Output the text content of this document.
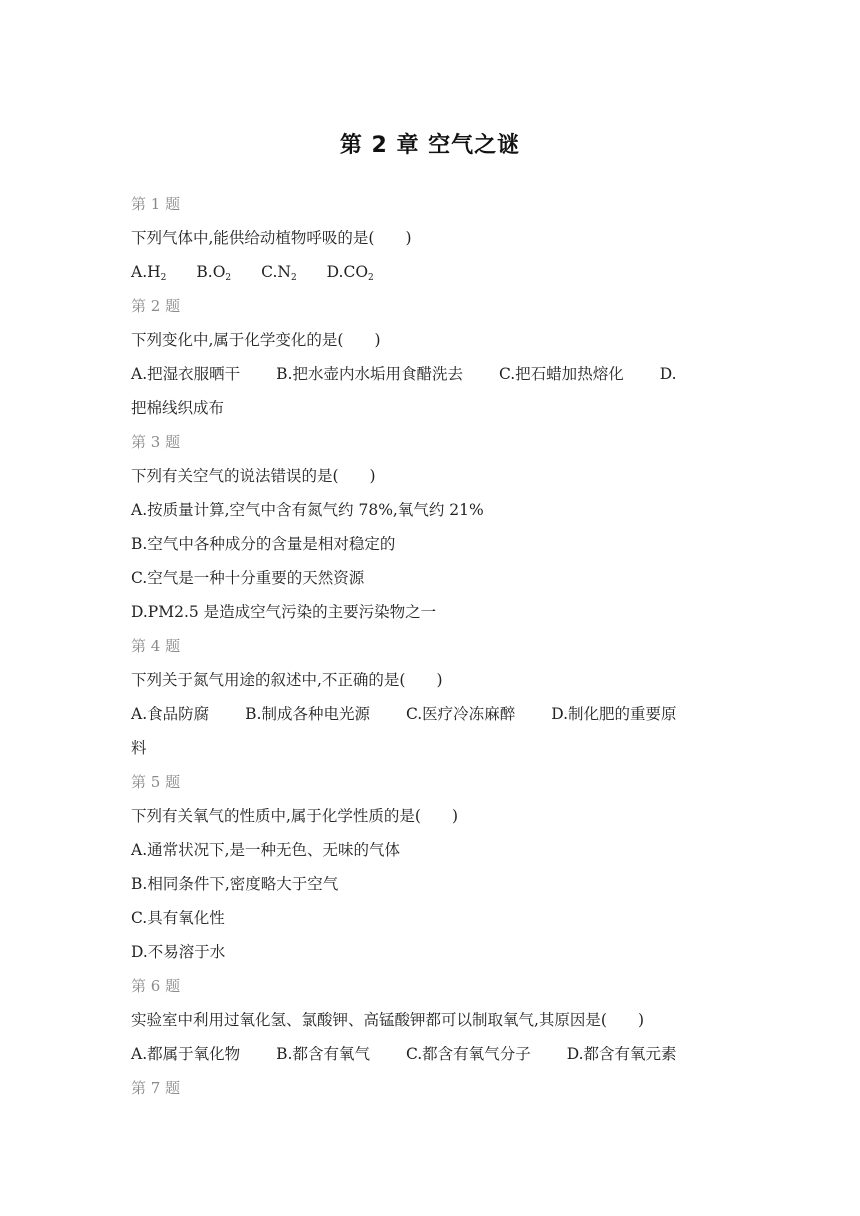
第 2 章 空气之谜
第 1 题
下列气体中,能供给动植物呼吸的是(　　)
$A.H_2$ $B.O_2$ $C.N_2$ $D.CO_2$
第 2 题
下列变化中,属于化学变化的是(　　)
A.把湿衣服晒干 B.把水壶内水垢用食醋洗去 C.把石蜡加热熔化 D.
把棉线织成布
第 3 题
下列有关空气的说法错误的是(　　)
A.按质量计算,空气中含有氮气约 78%,氧气约 21%
B.空气中各种成分的含量是相对稳定的
C.空气是一种十分重要的天然资源
D.PM2.5 是造成空气污染的主要污染物之一
第 4 题
下列关于氮气用途的叙述中,不正确的是(　　)
A.食品防腐 B.制成各种电光源 C.医疗冷冻麻醉 D.制化肥的重要原
料
第 5 题
下列有关氧气的性质中,属于化学性质的是(　　)
A.通常状况下,是一种无色、无味的气体
B.相同条件下,密度略大于空气
C.具有氧化性
D.不易溶于水
第 6 题
实验室中利用过氧化氢、氯酸钾、高锰酸钾都可以制取氧气,其原因是(　　)
A.都属于氧化物 B.都含有氧气 C.都含有氧气分子 D.都含有氧元素
第 7 题
